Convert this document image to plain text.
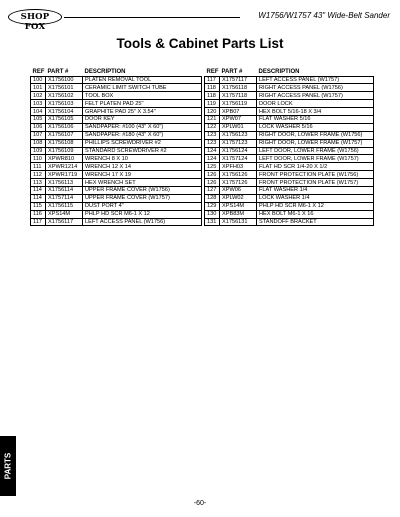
SHOP FOX
W1756/W1757 43" Wide-Belt Sander
Tools & Cabinet Parts List
REF	PART #	DESCRIPTION
100	X1756100	PLATEN REMOVAL TOOL
101	X1756101	CERAMIC LIMIT SWITCH TUBE
102	X1756102	TOOL BOX
103	X1756103	FELT PLATEN PAD 25"
104	X1756104	GRAPHITE PAD 25" X 3.54"
105	X1756105	DOOR KEY
106	X1756106	SANDPAPER: #100 (43" X 60")
107	X1756107	SANDPAPER: #180 (43" X 60")
108	X1756108	PHILLIPS SCREWDRIVER #2
109	X1756109	STANDARD SCREWDRIVER #2
110	XPWR810	WRENCH 8 X 10
111	XPWR1214	WRENCH 12 X 14
112	XPWR1719	WRENCH 17 X 19
113	X1756113	HEX WRENCH SET
114	X1756114	UPPER FRAME COVER (W1756)
114	X1757114	UPPER FRAME COVER (W1757)
115	X1756115	DUST PORT 4"
116	XPS14M	PHLP HD SCR M6-1 X 12
117	X1756117	LEFT ACCESS PANEL (W1756)
REF	PART #	DESCRIPTION
117	X1757117	LEFT ACCESS PANEL (W1757)
118	X1756118	RIGHT ACCESS PANEL (W1756)
118	X1757118	RIGHT ACCESS PANEL (W1757)
119	X1756119	DOOR LOCK
120	XPB07	HEX BOLT 5/16-18 X 3/4
121	XPW07	FLAT WASHER 5/16
122	XPLW01	LOCK WASHER 5/16
123	X1756123	RIGHT DOOR, LOWER FRAME (W1756)
123	X1757123	RIGHT DOOR, LOWER FRAME (W1757)
124	X1756124	LEFT DOOR, LOWER FRAME (W1756)
124	X1757124	LEFT DOOR, LOWER FRAME (W1757)
125	XPFH03	FLAT HD SCR 1/4-20 X 1/2
126	X1756126	FRONT PROTECTION PLATE (W1756)
126	X1757126	FRONT PROTECTION PLATE (W1757)
127	XPW06	FLAT WASHER 1/4
128	XPLW02	LOCK WASHER 1/4
129	XPS14M	PHLP HD SCR M6-1 X 12
130	XPB83M	HEX BOLT M6-1 X 16
131	X1756131	STANDOFF BRACKET
PARTS
-60-
